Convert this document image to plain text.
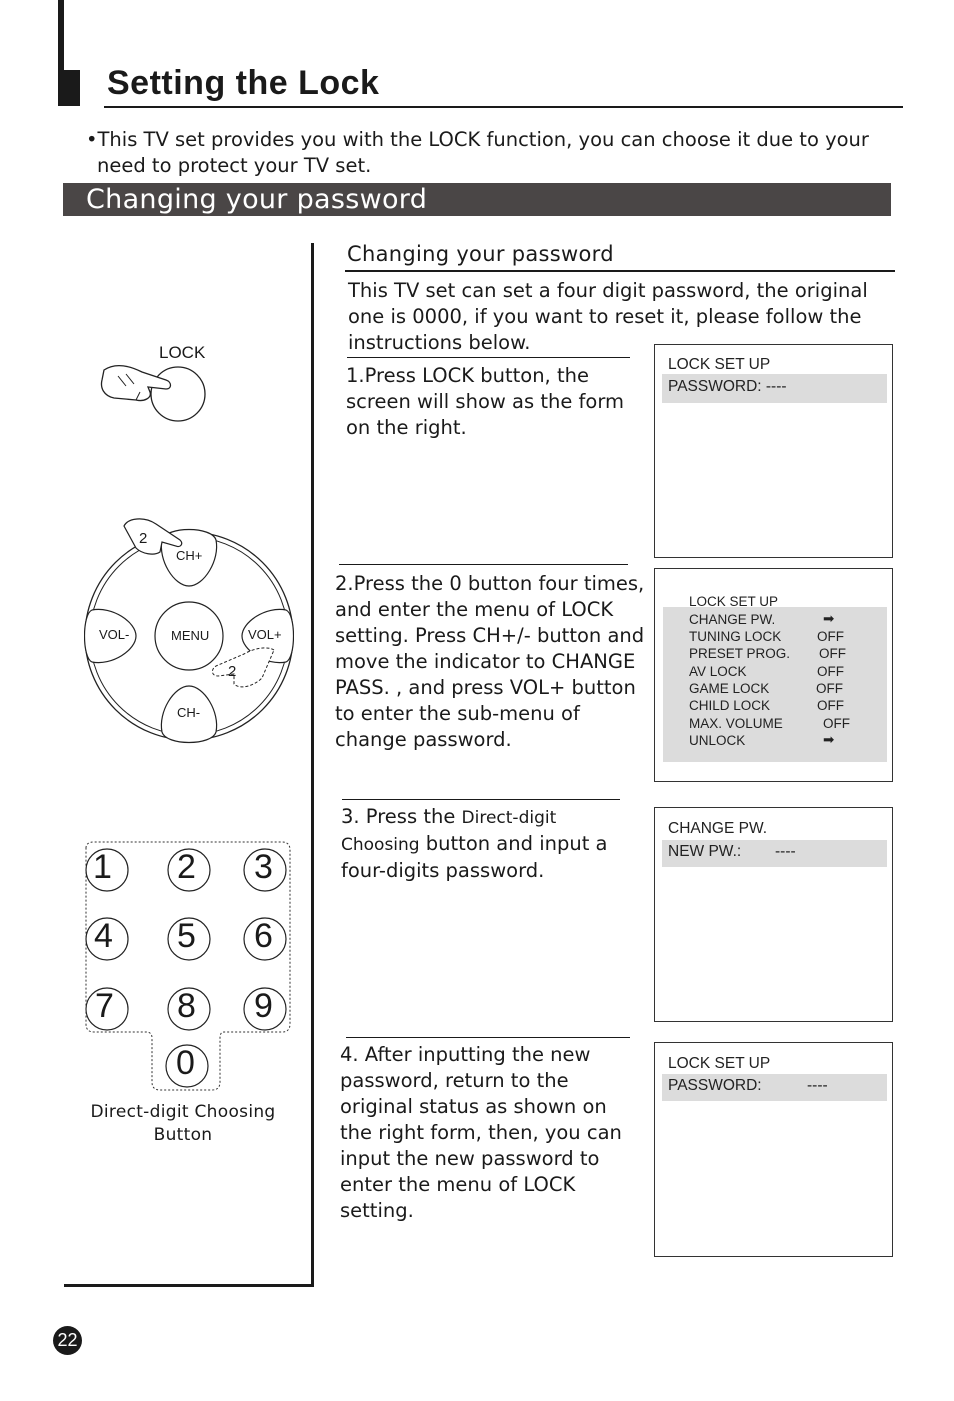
Setting the Lock
•This TV set provides you with the LOCK function, you can choose it due to your
need to protect your TV set.
Changing your password
LOCK
2
2
CH+
CH-
VOL-	VOL+
MENU
1 2 3
4 5 6
7 8 9
0
Direct-digit Choosing
Button
Changing your password
This TV set can set a four digit password, the original one is 0000, if you want to reset it, please follow the instructions below.
1.Press LOCK button, the screen will show as the form on the right.
LOCK SET UP
PASSWORD: ----
2.Press the 0 button four times, and enter the menu of LOCK setting. Press CH+/- button and move the indicator to CHANGE PASS. , and press VOL+ button to enter the sub-menu of change password.
LOCK SET UP
CHANGE PW.	➡
TUNING LOCK	OFF
PRESET PROG. OFF
AV LOCK	OFF
GAME LOCK	OFF
CHILD LOCK	OFF
MAX. VOLUME	OFF
UNLOCK	➡
3. Press the Direct-digit Choosing button and input a four-digits password.
CHANGE PW.
NEW PW.: ----
4. After inputting the new password, return to the original status as shown on the right form, then, you can input the new password to enter the menu of LOCK setting.
LOCK SET UP
PASSWORD:	----
22
